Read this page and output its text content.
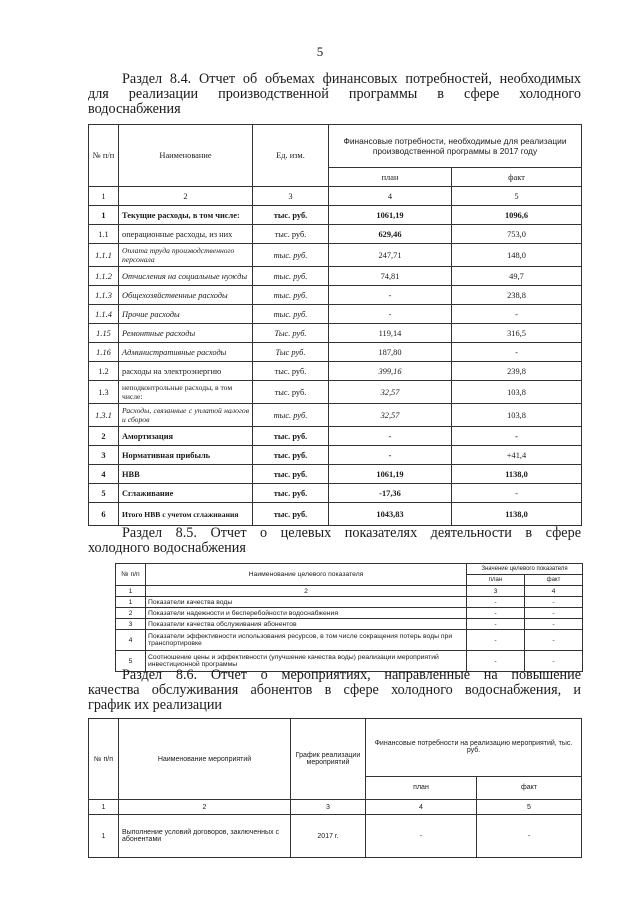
5
Раздел 8.4. Отчет об объемах финансовых потребностей, необходимых
для реализации производственной программы в сфере холодного
водоснабжения
№ п/п	Наименование	Ед. изм.	Финансовые потребности, необходимые для реализации производственной программы в 2017 году	
			план	факт
1	2	3	4	5
1	Текущие расходы, в том числе:	тыс. руб.	1061,19	1096,6
1.1	операционные расходы, из них	тыс. руб.	629,46	753,0
1.1.1	Оплата труда производственного персонала	тыс. руб.	247,71	148,0
1.1.2	Отчисления на социальные нужды	тыс. руб.	74,81	49,7
1.1.3	Общехозяйственные расходы	тыс. руб.	-	238,8
1.1.4	Прочие расходы	тыс. руб.	-	-
1.15	Ремонтные расходы	Тыс. руб.	119,14	316,5
1.16	Административные расходы	Тыс руб.	187,80	-
1.2	расходы на электроэнергию	тыс. руб.	399,16	239,8
1.3	неподконтрольные расходы, в том числе:	тыс. руб.	32,57	103,8
1.3.1	Расходы, связанные с уплатой налогов и сборов	тыс. руб.	32,57	103,8
2	Амортизация	тыс. руб.	-	-
3	Нормативная прибыль	тыс. руб.	-	+41,4
4	НВВ	тыс. руб.	1061,19	1138,0
5	Сглаживание	тыс. руб.	-17,36	-
6	Итого НВВ с учетом сглаживания	тыс. руб.	1043,83	1138,0
Раздел 8.5. Отчет о целевых показателях деятельности в сфере
холодного водоснабжения
№ п/п	Наименование целевого показателя	Значение целевого показателя	
		план	факт
1	2	3	4
1	Показатели качества воды	-	-
2	Показатели надежности и бесперебойности водоснабжения	-	-
3	Показатели качества обслуживания абонентов	-	-
4	Показатели эффективности использования ресурсов, в том числе сокращения потерь воды при транспортировке	-	-
5	Соотношение цены и эффективности (улучшение качества воды) реализации мероприятий инвестиционной программы	-	-
Раздел 8.6. Отчет о мероприятиях, направленные на повышение
качества обслуживания абонентов в сфере холодного водоснабжения, и
график их реализации
№ п/п	Наименование мероприятий	График реализации мероприятий	Финансовые потребности на реализацию мероприятий, тыс. руб.	
			план	факт
1	2	3	4	5
1	Выполнение условий договоров, заключенных с абонентами	2017 г.	-	-
